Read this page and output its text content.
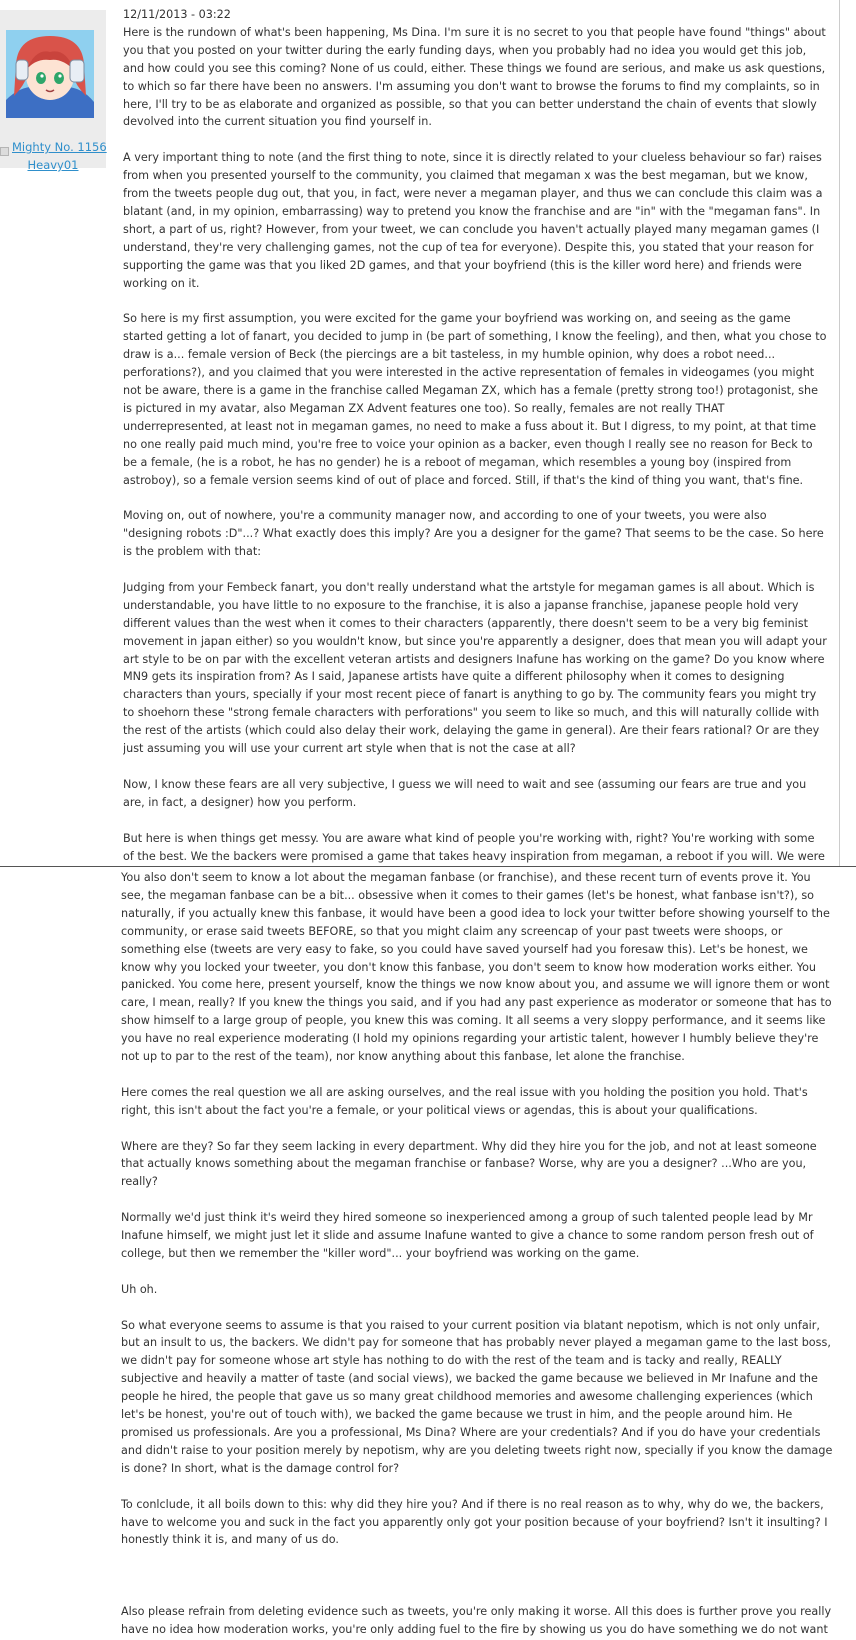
Mighty No. 1156
Heavy01
12/11/2013 - 03:22

Here is the rundown of what's been happening, Ms Dina. I'm sure it is no secret to you that people have found "things" about you that you posted on your twitter during the early funding days, when you probably had no idea you would get this job, and how could you see this coming? None of us could, either. These things we found are serious, and make us ask questions, to which so far there have been no answers. I'm assuming you don't want to browse the forums to find my complaints, so in here, I'll try to be as elaborate and organized as possible, so that you can better understand the chain of events that slowly devolved into the current situation you find yourself in.

A very important thing to note (and the first thing to note, since it is directly related to your clueless behaviour so far) raises from when you presented yourself to the community, you claimed that megaman x was the best megaman, but we know, from the tweets people dug out, that you, in fact, were never a megaman player, and thus we can conclude this claim was a blatant (and, in my opinion, embarrassing) way to pretend you know the franchise and are "in" with the "megaman fans". In short, a part of us, right? However, from your tweet, we can conclude you haven't actually played many megaman games (I understand, they're very challenging games, not the cup of tea for everyone). Despite this, you stated that your reason for supporting the game was that you liked 2D games, and that your boyfriend (this is the killer word here) and friends were working on it.

So here is my first assumption, you were excited for the game your boyfriend was working on, and seeing as the game started getting a lot of fanart, you decided to jump in (be part of something, I know the feeling), and then, what you chose to draw is a... female version of Beck (the piercings are a bit tasteless, in my humble opinion, why does a robot need... perforations?), and you claimed that you were interested in the active representation of females in videogames (you might not be aware, there is a game in the franchise called Megaman ZX, which has a female (pretty strong too!) protagonist, she is pictured in my avatar, also Megaman ZX Advent features one too). So really, females are not really THAT underrepresented, at least not in megaman games, no need to make a fuss about it. But I digress, to my point, at that time no one really paid much mind, you're free to voice your opinion as a backer, even though I really see no reason for Beck to be a female, (he is a robot, he has no gender) he is a reboot of megaman, which resembles a young boy (inspired from astroboy), so a female version seems kind of out of place and forced. Still, if that's the kind of thing you want, that's fine.

Moving on, out of nowhere, you're a community manager now, and according to one of your tweets, you were also "designing robots :D"...? What exactly does this imply? Are you a designer for the game? That seems to be the case. So here is the problem with that:

Judging from your Fembeck fanart, you don't really understand what the artstyle for megaman games is all about. Which is understandable, you have little to no exposure to the franchise, it is also a japanse franchise, japanese people hold very different values than the west when it comes to their characters (apparently, there doesn't seem to be a very big feminist movement in japan either) so you wouldn't know, but since you're apparently a designer, does that mean you will adapt your art style to be on par with the excellent veteran artists and designers Inafune has working on the game? Do you know where MN9 gets its inspiration from? As I said, Japanese artists have quite a different philosophy when it comes to designing characters than yours, specially if your most recent piece of fanart is anything to go by. The community fears you might try to shoehorn these "strong female characters with perforations" you seem to like so much, and this will naturally collide with the rest of the artists (which could also delay their work, delaying the game in general). Are their fears rational? Or are they just assuming you will use your current art style when that is not the case at all?

Now, I know these fears are all very subjective, I guess we will need to wait and see (assuming our fears are true and you are, in fact, a designer) how you perform.

But here is when things get messy. You are aware what kind of people you're working with, right? You're working with some of the best. We the backers were promised a game that takes heavy inspiration from megaman, a reboot if you will. We were

You also don't seem to know a lot about the megaman fanbase (or franchise), and these recent turn of events prove it. You see, the megaman fanbase can be a bit... obsessive when it comes to their games (let's be honest, what fanbase isn't?), so naturally, if you actually knew this fanbase, it would have been a good idea to lock your twitter before showing yourself to the community, or erase said tweets BEFORE, so that you might claim any screencap of your past tweets were shoops, or something else (tweets are very easy to fake, so you could have saved yourself had you foresaw this). Let's be honest, we know why you locked your tweeter, you don't know this fanbase, you don't seem to know how moderation works either. You panicked. You come here, present yourself, know the things we now know about you, and assume we will ignore them or wont care, I mean, really? If you knew the things you said, and if you had any past experience as moderator or someone that has to show himself to a large group of people, you knew this was coming. It all seems a very sloppy performance, and it seems like you have no real experience moderating (I hold my opinions regarding your artistic talent, however I humbly believe they're not up to par to the rest of the team), nor know anything about this fanbase, let alone the franchise.

Here comes the real question we all are asking ourselves, and the real issue with you holding the position you hold. That's right, this isn't about the fact you're a female, or your political views or agendas, this is about your qualifications.

Where are they? So far they seem lacking in every department. Why did they hire you for the job, and not at least someone that actually knows something about the megaman franchise or fanbase? Worse, why are you a designer? ...Who are you, really?

Normally we'd just think it's weird they hired someone so inexperienced among a group of such talented people lead by Mr Inafune himself, we might just let it slide and assume Inafune wanted to give a chance to some random person fresh out of college, but then we remember the "killer word"... your boyfriend was working on the game.

Uh oh.

So what everyone seems to assume is that you raised to your current position via blatant nepotism, which is not only unfair, but an insult to us, the backers. We didn't pay for someone that has probably never played a megaman game to the last boss, we didn't pay for someone whose art style has nothing to do with the rest of the team and is tacky and really, REALLY subjective and heavily a matter of taste (and social views), we backed the game because we believed in Mr Inafune and the people he hired, the people that gave us so many great childhood memories and awesome challenging experiences (which let's be honest, you're out of touch with), we backed the game because we trust in him, and the people around him. He promised us professionals. Are you a professional, Ms Dina? Where are your credentials? And if you do have your credentials and didn't raise to your position merely by nepotism, why are you deleting tweets right now, specially if you know the damage is done? In short, what is the damage control for?

To conlclude, it all boils down to this: why did they hire you? And if there is no real reason as to why, why do we, the backers, have to welcome you and suck in the fact you apparently only got your position because of your boyfriend? Isn't it insulting? I honestly think it is, and many of us do.

Also please refrain from deleting evidence such as tweets, you're only making it worse. All this does is further prove you really have no idea how moderation works, you're only adding fuel to the fire by showing us you do have something we do not want
